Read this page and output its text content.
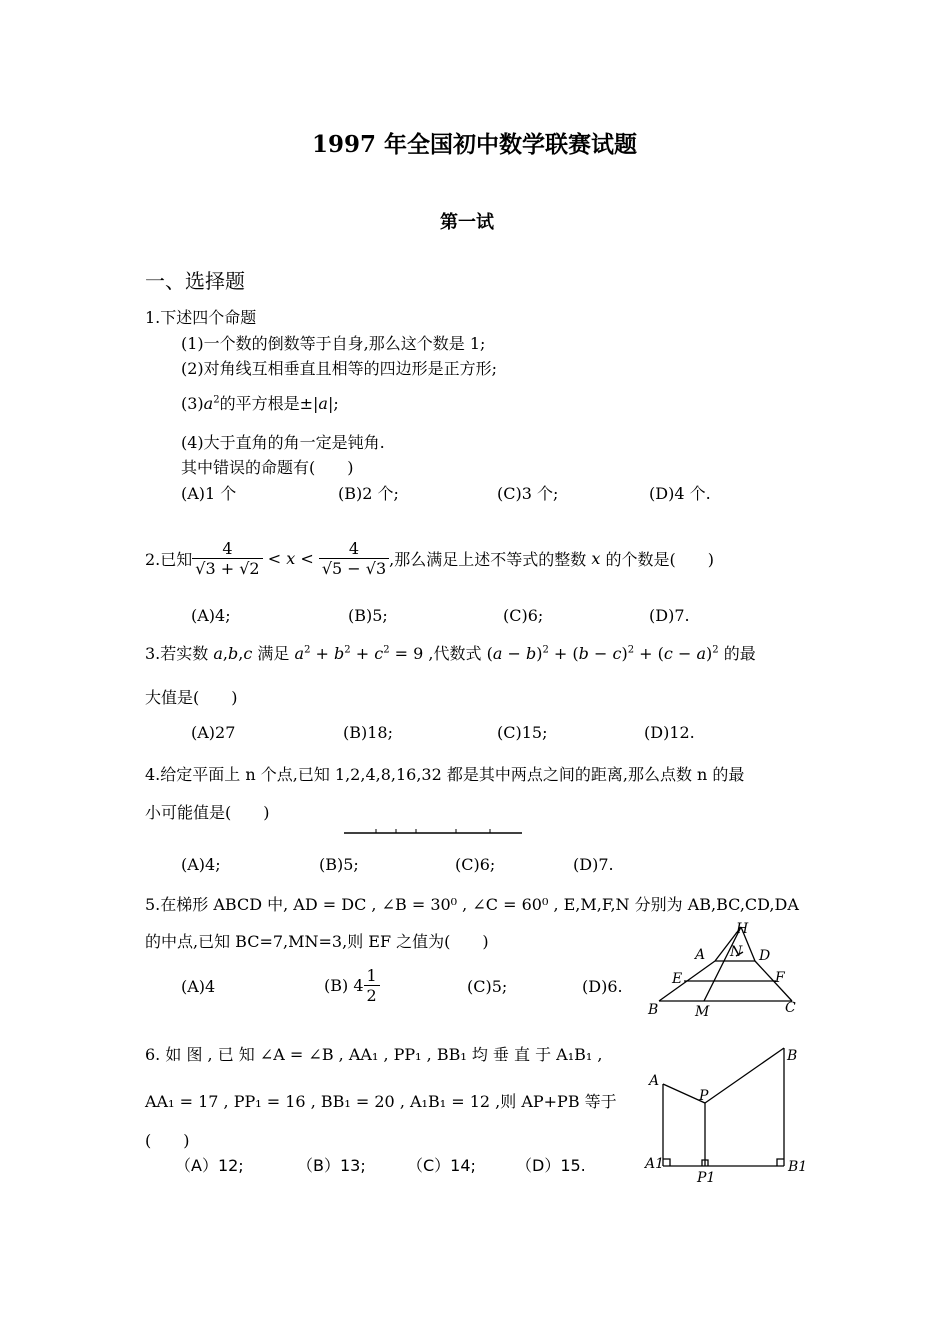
1997 年全国初中数学联赛试题
第一试
一、选择题
1.下述四个命题
(1)一个数的倒数等于自身,那么这个数是 1;
(2)对角线互相垂直且相等的四边形是正方形;
$(3)a^2$的平方根是±|a|;
(4)大于直角的角一定是钝角.
其中错误的命题有(　　)
(A)1 个	(B)2 个;	(C)3 个;	(D)4 个.
2.已知 $\frac{4}{√3 + √2} < x < \frac{4}{√5 - √3}$ ,那么满足上述不等式的整数 x 的个数是(　　)
(A)4;	(B)5;	(C)6;	(D)7.
3.若实数 a,b,c 满足 $a^2 + b^2 + c^2 = 9$ ,代数式 $(a - b)^2 + (b - c)^2 + (c - a)^2$ 的最
大值是(　　)
(A)27	(B)18;	(C)15;	(D)12.
4.给定平面上 n 个点,已知 1,2,4,8,16,32 都是其中两点之间的距离,那么点数 n 的最
小可能值是(　　)
(A)4;	(B)5;	(C)6;	(D)7.
5.在梯形 ABCD 中, AD = DC , ∠B = 30⁰ , ∠C = 60⁰ , E,M,F,N 分别为 AB,BC,CD,DA
的中点,已知 BC=7,MN=3,则 EF 之值为(　　)
(A)4	(B) $4 \frac{1}{2}$	(C)5;	(D)6.
A
H
N D
E	F
B	M	C
6. 如 图 , 已 知 ∠A = ∠B , AA₁ , PP₁ , BB₁ 均 垂 直 于 A₁B₁ ,
AA₁ = 17 , PP₁ = 16 , BB₁ = 20 , A₁B₁ = 12 ,则 AP+PB 等于
(　　)
（A）12;	（B）13;	（C）14;	（D）15.
A
P
B
A1
P1
B1
